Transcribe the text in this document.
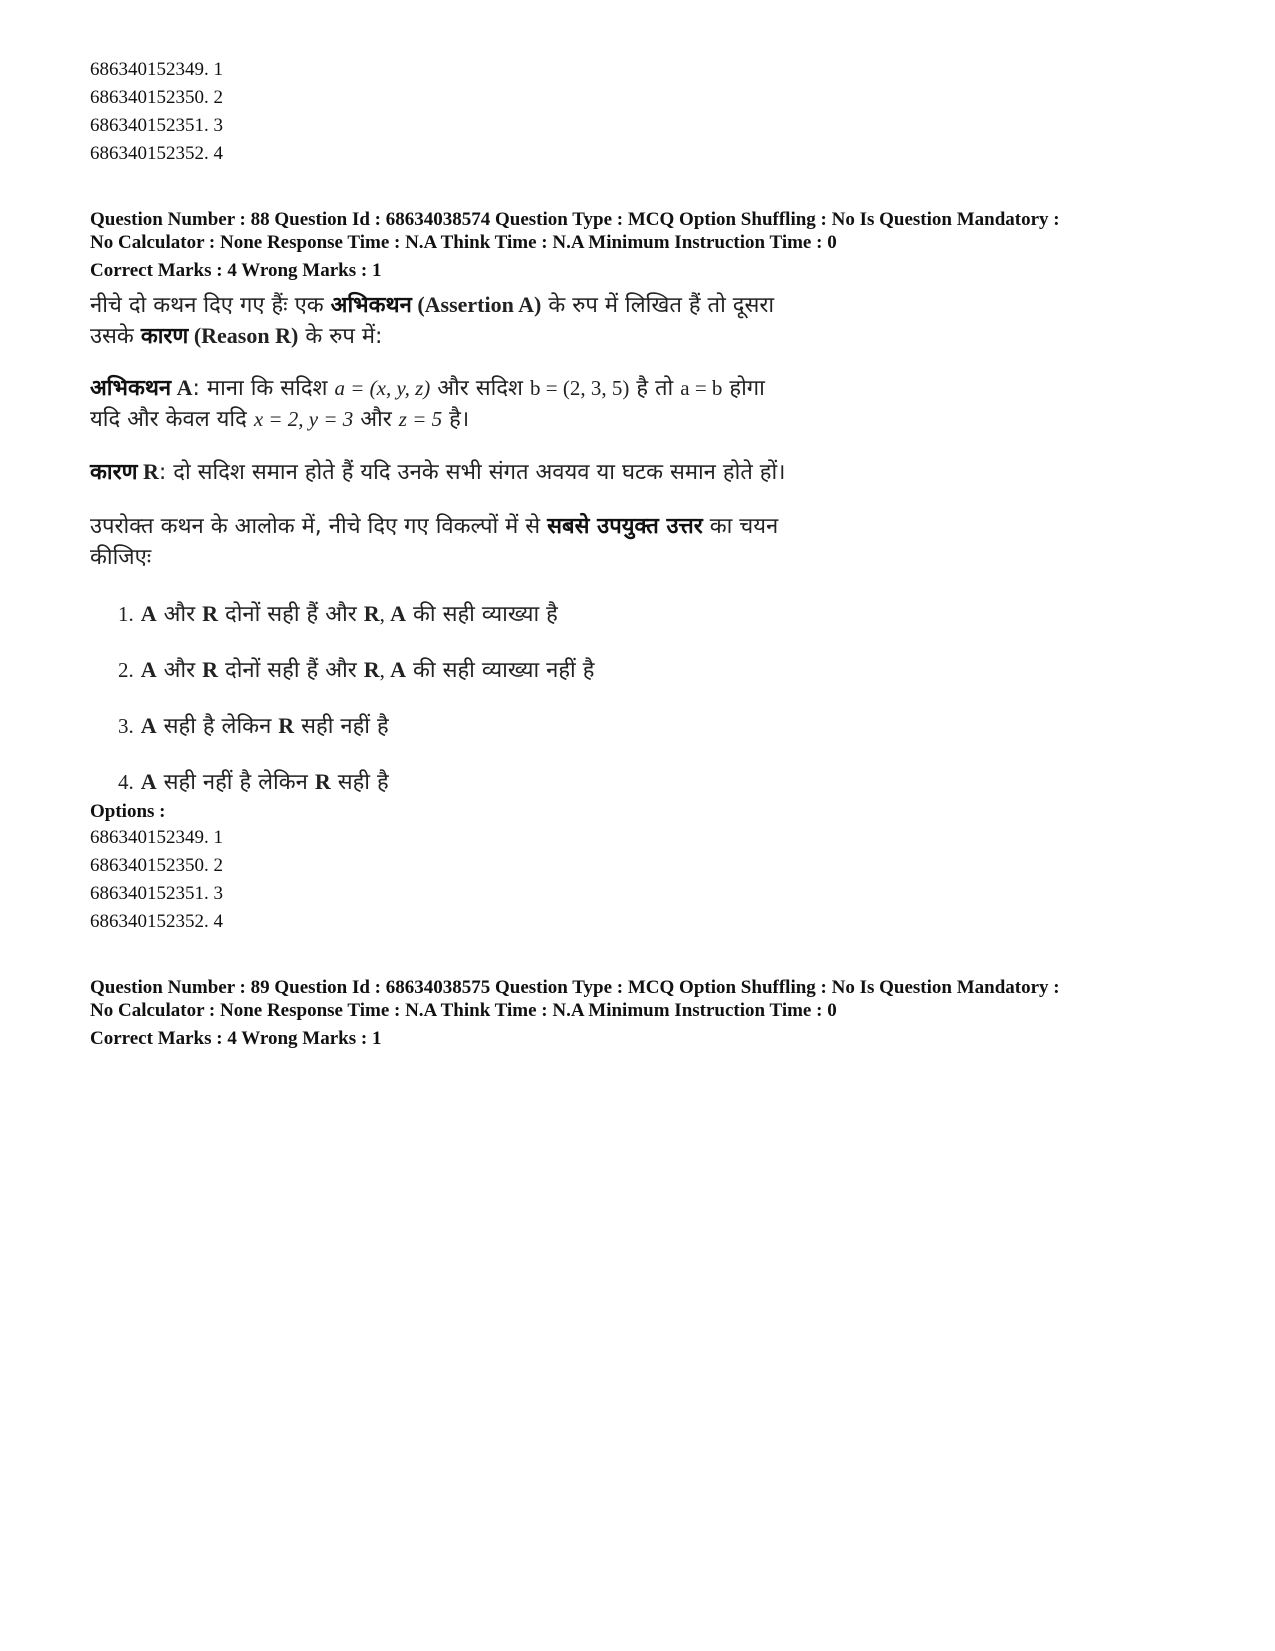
686340152349. 1
686340152350. 2
686340152351. 3
686340152352. 4
Question Number : 88 Question Id : 68634038574 Question Type : MCQ Option Shuffling : No Is Question Mandatory :
No Calculator : None Response Time : N.A Think Time : N.A Minimum Instruction Time : 0
Correct Marks : 4 Wrong Marks : 1
नीचे दो कथन दिए गए हैंः एक अभिकथन (Assertion A) के रुप में लिखित हैं तो दूसरा
उसके कारण (Reason R) के रुप में:
अभिकथन A: माना कि सदिश a = (x, y, z) और सदिश b = (2, 3, 5) है तो a = b होगा
यदि और केवल यदि x = 2, y = 3 और z = 5 है।
कारण R: दो सदिश समान होते हैं यदि उनके सभी संगत अवयव या घटक समान होते हों।
उपरोक्त कथन के आलोक में, नीचे दिए गए विकल्पों में से सबसे उपयुक्त उत्तर का चयन
कीजिएः
1. A और R दोनों सही हैं और R, A की सही व्याख्या है
2. A और R दोनों सही हैं और R, A की सही व्याख्या नहीं है
3. A सही है लेकिन R सही नहीं है
4. A सही नहीं है लेकिन R सही है
Options :
686340152349. 1
686340152350. 2
686340152351. 3
686340152352. 4
Question Number : 89 Question Id : 68634038575 Question Type : MCQ Option Shuffling : No Is Question Mandatory :
No Calculator : None Response Time : N.A Think Time : N.A Minimum Instruction Time : 0
Correct Marks : 4 Wrong Marks : 1
